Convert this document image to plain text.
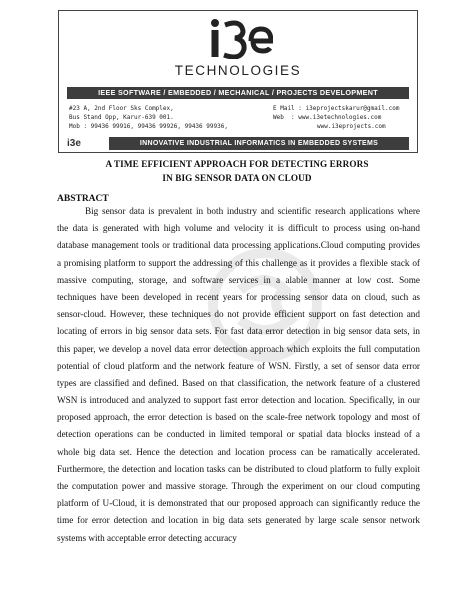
TECHNOLOGIES
IEEE SOFTWARE / EMBEDDED / MECHANICAL / PROJECTS DEVELOPMENT
#23 A, 2nd Floor Sks Complex,
Bus Stand Opp, Karur-639 001.
Mob : 99436 99916, 99436 99926, 99436 99936,
E Mail : i3eprojectskarur@gmail.com
Web  : www.i3etechnologies.com
www.i3eprojects.com
i3e	INNOVATIVE INDUSTRIAL INFORMATICS IN EMBEDDED SYSTEMS
A TIME EFFICIENT APPROACH FOR DETECTING ERRORS
IN BIG SENSOR DATA ON CLOUD
ABSTRACT
Big sensor data is prevalent in both industry and scientific research applications where
the data is generated with high volume and velocity it is difficult to process using on-hand
database management tools or traditional data processing applications.Cloud computing provides
a promising platform to support the addressing of this challenge as it provides a flexible stack of
massive computing, storage, and software services in a alable manner at low cost. Some
techniques have been developed in recent years for processing sensor data on cloud, such as
sensor-cloud. However, these techniques do not provide efficient support on fast detection and
locating of errors in big sensor data sets. For fast data error detection in big sensor data sets, in
this paper, we develop a novel data error detection approach which exploits the full computation
potential of cloud platform and the network feature of WSN. Firstly, a set of sensor data error
types are classified and defined. Based on that classification, the network feature of a clustered
WSN is introduced and analyzed to support fast error detection and location. Specifically, in our
proposed approach, the error detection is based on the scale-free network topology and most of
detection operations can be conducted in limited temporal or spatial data blocks instead of a
whole big data set. Hence the detection and location process can be ramatically accelerated.
Furthermore, the detection and location tasks can be distributed to cloud platform to fully exploit
the computation power and massive storage. Through the experiment on our cloud computing
platform of U-Cloud, it is demonstrated that our proposed approach can significantly reduce the
time for error detection and location in big data sets generated by large scale sensor network
systems with acceptable error detecting accuracy
